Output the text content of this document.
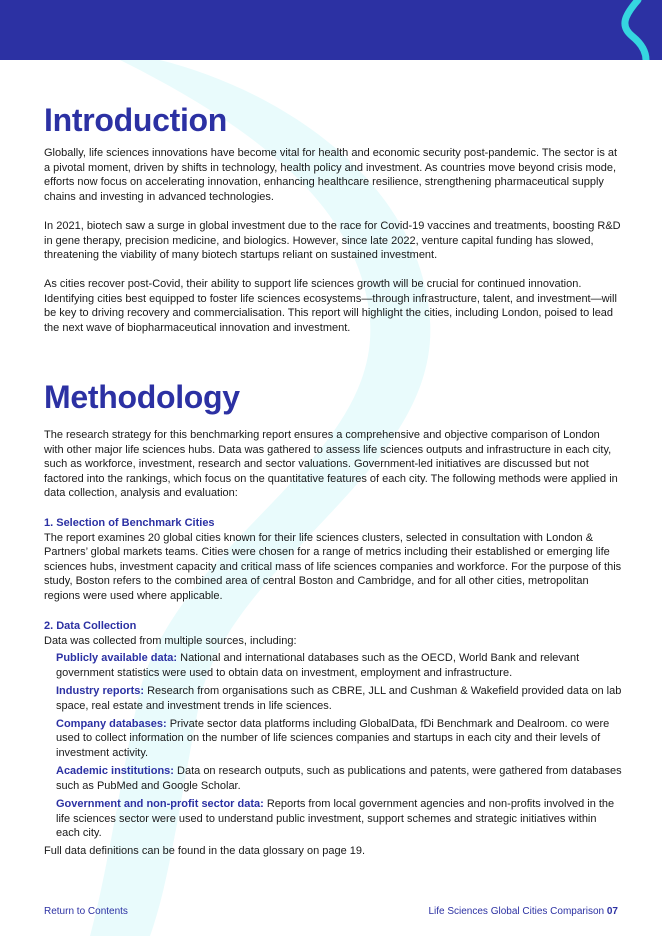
Introduction

Globally, life sciences innovations have become vital for health and economic security post-pandemic. The sector is at a pivotal moment, driven by shifts in technology, health policy and investment. As countries move beyond crisis mode, efforts now focus on accelerating innovation, enhancing healthcare resilience, strengthening pharmaceutical supply chains and investing in advanced technologies.

In 2021, biotech saw a surge in global investment due to the race for Covid-19 vaccines and treatments, boosting R&D in gene therapy, precision medicine, and biologics. However, since late 2022, venture capital funding has slowed, threatening the viability of many biotech startups reliant on sustained investment.

As cities recover post-Covid, their ability to support life sciences growth will be crucial for continued innovation. Identifying cities best equipped to foster life sciences ecosystems—through infrastructure, talent, and investment—will be key to driving recovery and commercialisation. This report will highlight the cities, including London, poised to lead the next wave of biopharmaceutical innovation and investment.

Methodology

The research strategy for this benchmarking report ensures a comprehensive and objective comparison of London with other major life sciences hubs. Data was gathered to assess life sciences outputs and infrastructure in each city, such as workforce, investment, research and sector valuations. Government-led initiatives are discussed but not factored into the rankings, which focus on the quantitative features of each city. The following methods were applied in data collection, analysis and evaluation:

1. Selection of Benchmark Cities

The report examines 20 global cities known for their life sciences clusters, selected in consultation with London & Partners’ global markets teams. Cities were chosen for a range of metrics including their established or emerging life sciences hubs, investment capacity and critical mass of life sciences companies and workforce. For the purpose of this study, Boston refers to the combined area of central Boston and Cambridge, and for all other cities, metropolitan regions were used where applicable.

2. Data Collection

Data was collected from multiple sources, including:

Publicly available data: National and international databases such as the OECD, World Bank and relevant government statistics were used to obtain data on investment, employment and infrastructure.
Industry reports: Research from organisations such as CBRE, JLL and Cushman & Wakefield provided data on lab space, real estate and investment trends in life sciences.
Company databases: Private sector data platforms including GlobalData, fDi Benchmark and Dealroom. co were used to collect information on the number of life sciences companies and startups in each city and their levels of investment activity.
Academic institutions: Data on research outputs, such as publications and patents, were gathered from databases such as PubMed and Google Scholar.
Government and non-profit sector data: Reports from local government agencies and non-profits involved in the life sciences sector were used to understand public investment, support schemes and strategic initiatives within each city.

Full data definitions can be found in the data glossary on page 19.

Return to Contents	Life Sciences Global Cities Comparison 07
